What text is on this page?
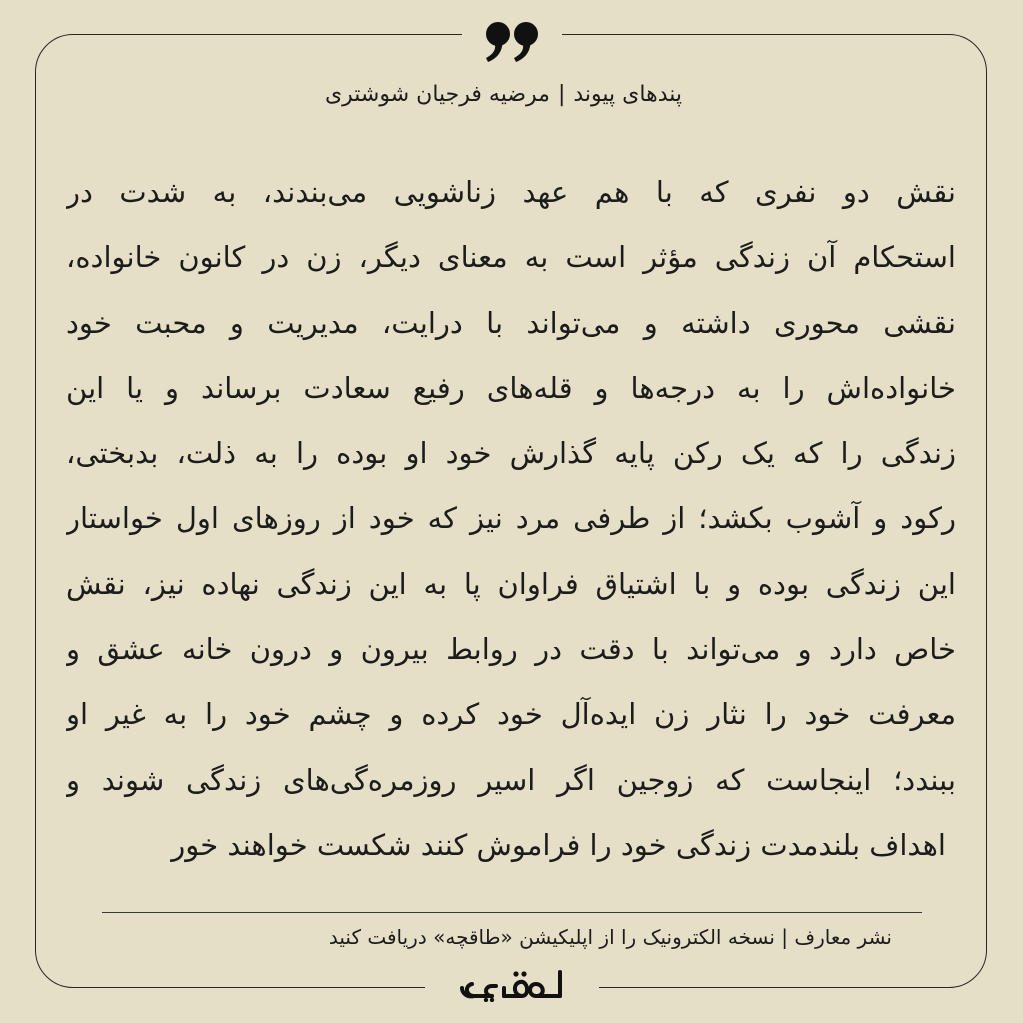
پندهای پیوند|مرضیه فرجیان شوشتری
نقش دو نفری که با هم عهد زناشویی می‌بندند، به شدت در
استحکام آن زندگی مؤثر است به معنای دیگر، زن در کانون خانواده،
نقشی محوری داشته و می‌تواند با درایت، مدیریت و محبت خود
خانواده‌اش را به درجه‌ها و قله‌های رفیع سعادت برساند و یا این
زندگی را که یک رکن پایه گذارش خود او بوده را به ذلت، بدبختی،
رکود و آشوب بکشد؛ از طرفی مرد نیز که خود از روزهای اول خواستار
این زندگی بوده و با اشتیاق فراوان پا به این زندگی نهاده نیز، نقش
خاص دارد و می‌تواند با دقت در روابط بیرون و درون خانه عشق و
معرفت خود را نثار زن ایده‌آل خود کرده و چشم خود را به غیر او
ببندد؛ اینجاست که زوجین اگر اسیر روزمره‌گی‌های زندگی شوند و
اهداف بلندمدت زندگی خود را فراموش کنند شکست خواهند خور
نشر معارف | نسخه الکترونیک را از اپلیکیشن «طاقچه» دریافت کنید
